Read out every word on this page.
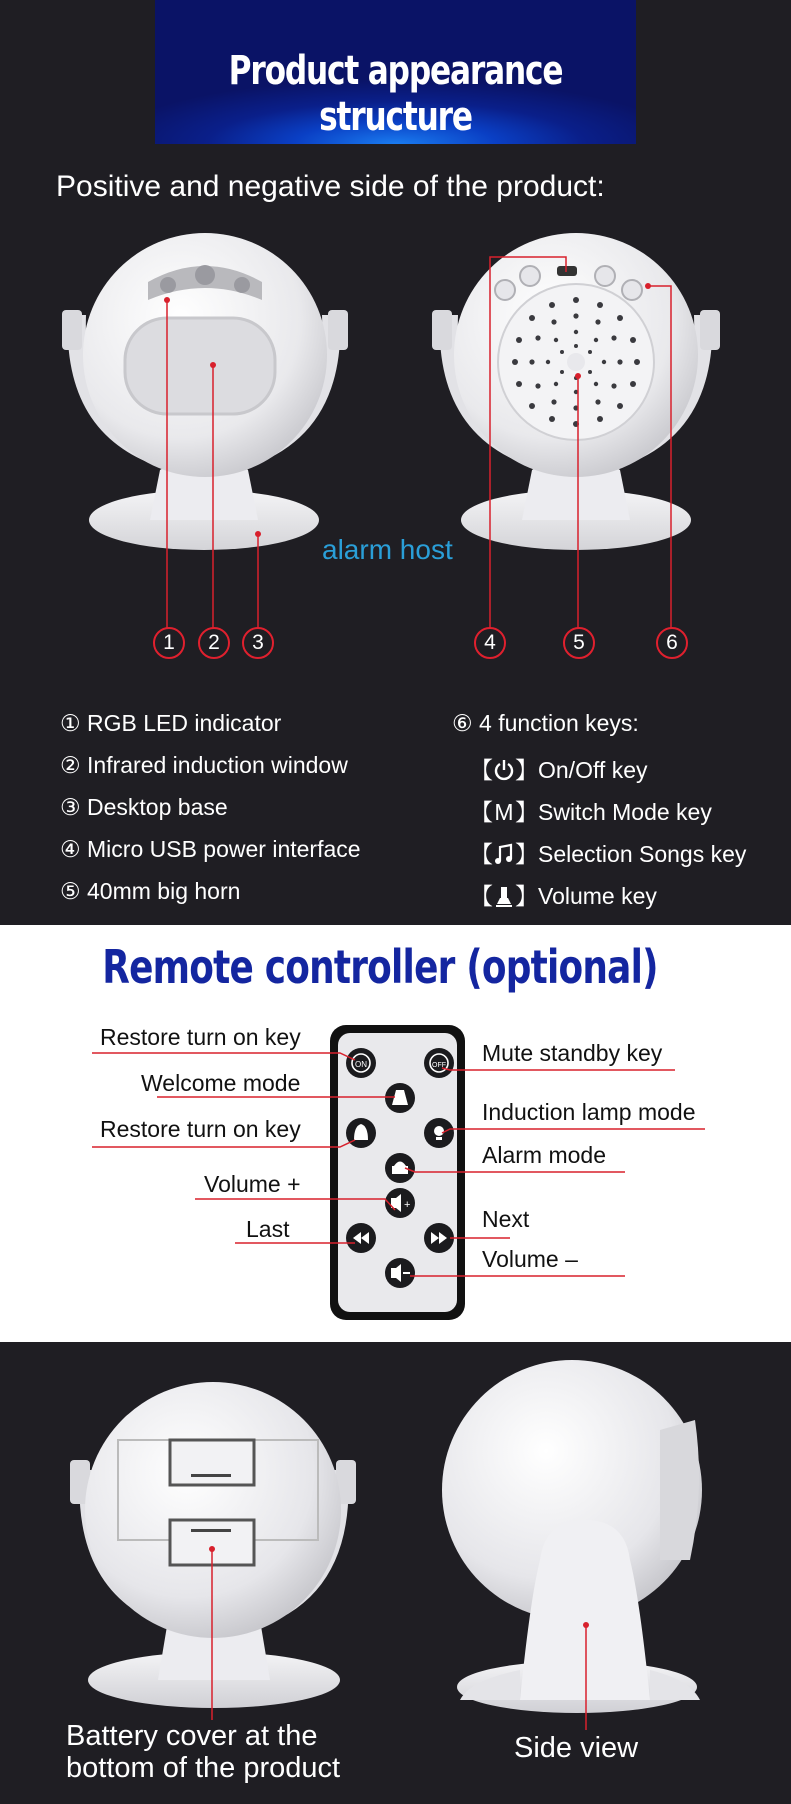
Product appearance structure
Positive and negative side of the product:
alarm host
1	2	3	4	5	6
① RGB LED indicator
② Infrared induction window
③ Desktop base
④ Micro USB power interface
⑤ 40mm big horn
⑥ 4 function keys:
【 】On/Off key
【M】Switch Mode key
【 】Selection Songs key
【 】Volume key
Remote controller (optional)
ON	OFF
+
Restore turn on key
Welcome mode
Restore turn on key
Volume +
Last
Mute standby key
Induction lamp mode
Alarm mode
Next
Volume –
Battery cover at the
bottom of the product
Side view
